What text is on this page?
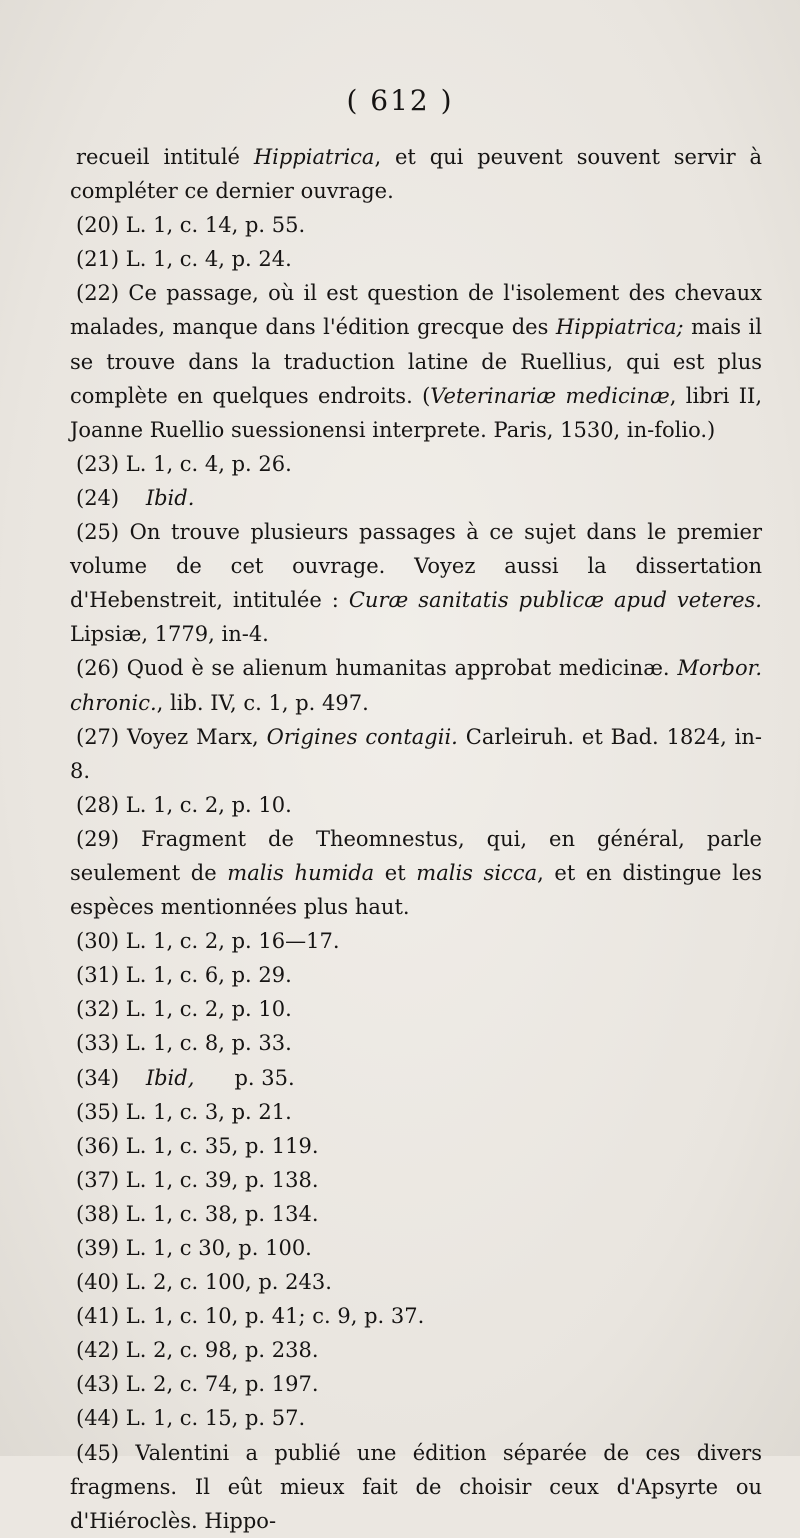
( 612 )

recueil intitulé Hippiatrica, et qui peuvent souvent servir à compléter ce dernier ouvrage.

(20) L. 1, c. 14, p. 55.

(21) L. 1, c. 4, p. 24.

(22) Ce passage, où il est question de l'isolement des chevaux malades, manque dans l'édition grecque des Hippiatrica; mais il se trouve dans la traduction latine de Ruellius, qui est plus complète en quelques endroits. (Veterinariæ medicinæ, libri II, Joanne Ruellio suessionensi interprete. Paris, 1530, in-folio.)

(23) L. 1, c. 4, p. 26.

(24) Ibid.

(25) On trouve plusieurs passages à ce sujet dans le premier volume de cet ouvrage. Voyez aussi la dissertation d'Hebenstreit, intitulée : Curæ sanitatis publicæ apud veteres. Lipsiæ, 1779, in-4.

(26) Quod è se alienum humanitas approbat medicinæ. Morbor. chronic., lib. IV, c. 1, p. 497.

(27) Voyez Marx, Origines contagii. Carleiruh. et Bad. 1824, in-8.

(28) L. 1, c. 2, p. 10.

(29) Fragment de Theomnestus, qui, en général, parle seulement de malis humida et malis sicca, et en distingue les espèces mentionnées plus haut.

(30) L. 1, c. 2, p. 16—17.

(31) L. 1, c. 6, p. 29.

(32) L. 1, c. 2, p. 10.

(33) L. 1, c. 8, p. 33.

(34) Ibid, p. 35.

(35) L. 1, c. 3, p. 21.

(36) L. 1, c. 35, p. 119.

(37) L. 1, c. 39, p. 138.

(38) L. 1, c. 38, p. 134.

(39) L. 1, c 30, p. 100.

(40) L. 2, c. 100, p. 243.

(41) L. 1, c. 10, p. 41; c. 9, p. 37.

(42) L. 2, c. 98, p. 238.

(43) L. 2, c. 74, p. 197.

(44) L. 1, c. 15, p. 57.

(45) Valentini a publié une édition séparée de ces divers fragmens. Il eût mieux fait de choisir ceux d'Apsyrte ou d'Hiéroclès. Hippo-
